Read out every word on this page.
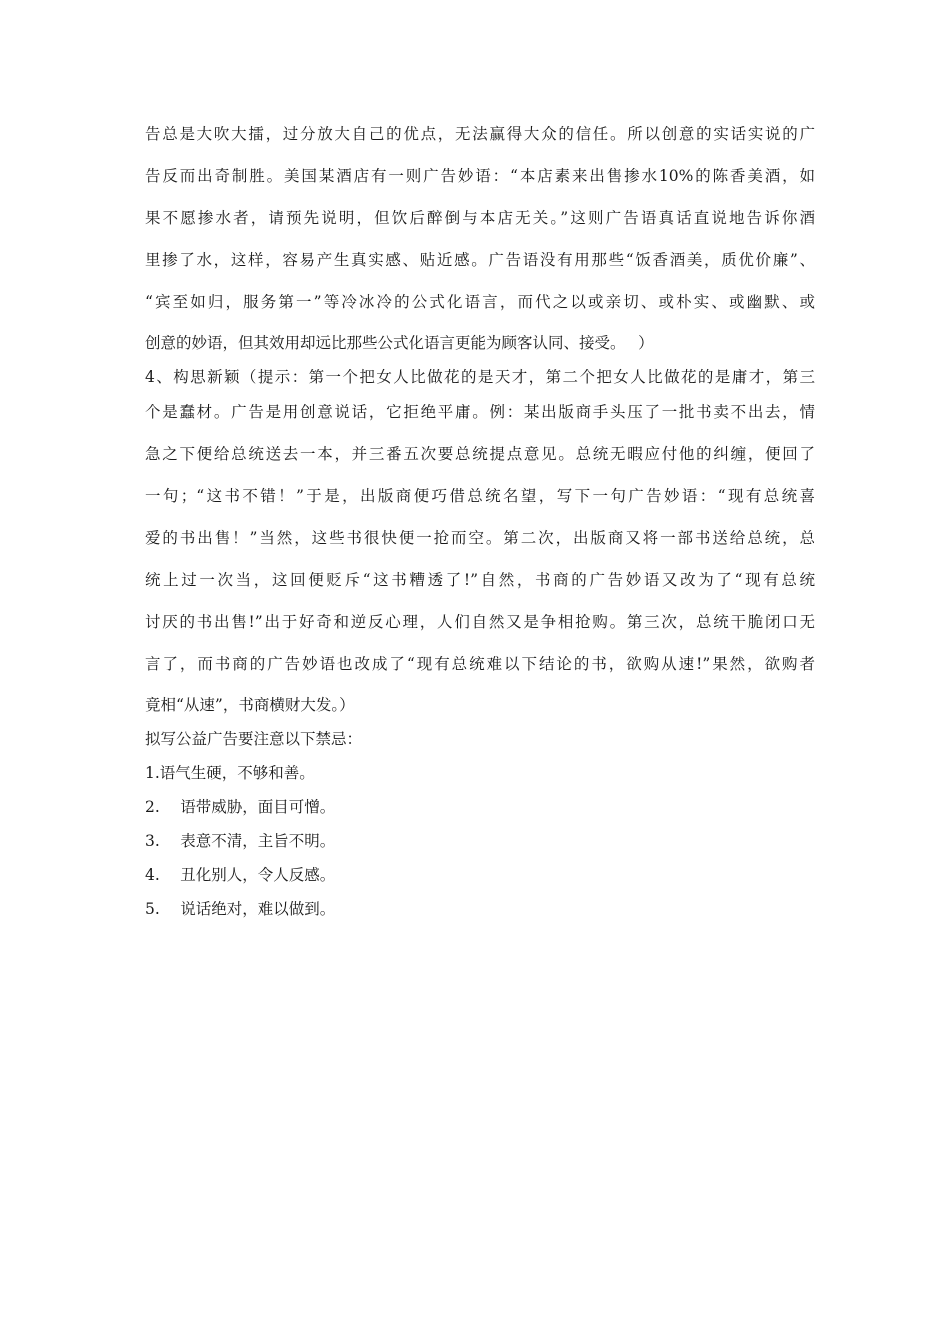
告总是大吹大擂，过分放大自己的优点，无法赢得大众的信任。所以创意的实话实说的广
告反而出奇制胜。美国某酒店有一则广告妙语：“本店素来出售掺水10%的陈香美酒，如
果不愿掺水者，请预先说明，但饮后醉倒与本店无关。”这则广告语真话直说地告诉你酒
里掺了水，这样，容易产生真实感、贴近感。广告语没有用那些“饭香酒美，质优价廉”、
“宾至如归，服务第一”等冷冰冷的公式化语言，而代之以或亲切、或朴实、或幽默、或
创意的妙语，但其效用却远比那些公式化语言更能为顾客认同、接受。　 ）
4、构思新颖（提示：第一个把女人比做花的是天才，第二个把女人比做花的是庸才，第三
个是蠢材。广告是用创意说话，它拒绝平庸。例：某出版商手头压了一批书卖不出去，情
急之下便给总统送去一本，并三番五次要总统提点意见。总统无暇应付他的纠缠，便回了
一句；“这书不错！”于是，出版商便巧借总统名望，写下一句广告妙语：“现有总统喜
爱的书出售！”当然，这些书很快便一抢而空。第二次，出版商又将一部书送给总统，总
统上过一次当，这回便贬斥“这书糟透了!”自然，书商的广告妙语又改为了“现有总统
讨厌的书出售!”出于好奇和逆反心理，人们自然又是争相抢购。第三次，总统干脆闭口无
言了，而书商的广告妙语也改成了“现有总统难以下结论的书，欲购从速!”果然，欲购者
竟相“从速”，书商横财大发。）
拟写公益广告要注意以下禁忌：
1.语气生硬，不够和善。
2.　 语带威胁，面目可憎。
3.　 表意不清，主旨不明。
4.　 丑化别人，令人反感。
5.　 说话绝对，难以做到。
